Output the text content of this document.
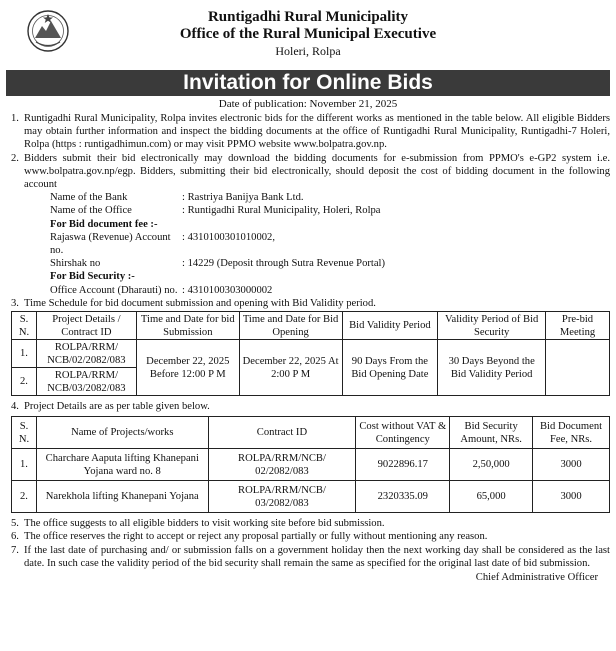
Runtigadhi Rural Municipality
Office of the Rural Municipal Executive
Holeri, Rolpa
Invitation for Online Bids
Date of publication: November 21, 2025
1. Runtigadhi Rural Municipality, Rolpa invites electronic bids for the different works as mentioned in the table below. All eligible Bidders may obtain further information and inspect the bidding documents at the office of Runtigadhi Rural Municipality, Runtigadhi-7 Holeri, Rolpa (https : runtigadhimun.com) or may visit PPMO website www.bolpatra.gov.np.
2. Bidders submit their bid electronically may download the bidding documents for e-submission from PPMO's e-GP2 system i.e. www.bolpatra.gov.np/egp. Bidders, submitting their bid electronically, should deposit the cost of bidding document in the following account
Name of the Bank	: Rastriya Banijya Bank Ltd.
Name of the Office	: Runtigadhi Rural Municipality, Holeri, Rolpa
For Bid document fee :-
Rajaswa (Revenue) Account no.
: 4310100301010002,
Shirshak no	: 14229 (Deposit through Sutra Revenue Portal)
For Bid Security :-
Office Account (Dharauti) no. : 4310100303000002
3. Time Schedule for bid document submission and opening with Bid Validity period.
S. N.	Project Details / Contract ID	Time and Date for bid Submission	Time and Date for Bid Opening	Bid Validity Period	Validity Period of Bid Security	Pre-bid Meeting
1.	ROLPA/RRM/ NCB/02/2082/083	December 22, 2025 Before 12:00 P M	December 22, 2025 At 2:00 P M	90 Days From the Bid Opening Date	30 Days Beyond the Bid Validity Period	
2.	ROLPA/RRM/ NCB/03/2082/083					
4. Project Details are as per table given below.
S. N.	Name of Projects/works	Contract ID	Cost without VAT & Contingency	Bid Security Amount, NRs.	Bid Document Fee, NRs.
1.	Charchare Aaputa lifting Khanepani Yojana ward no. 8	ROLPA/RRM/NCB/ 02/2082/083	9022896.17	2,50,000	3000
2.	Narekhola lifting Khanepani Yojana	ROLPA/RRM/NCB/ 03/2082/083	2320335.09	65,000	3000
5. The office suggests to all eligible bidders to visit working site before bid submission.
6. The office reserves the right to accept or reject any proposal partially or fully without mentioning any reason.
7. If the last date of purchasing and/ or submission falls on a government holiday then the next working day shall be considered as the last date. In such case the validity period of the bid security shall remain the same as specified for the original last date of bid submission.
Chief Administrative Officer
